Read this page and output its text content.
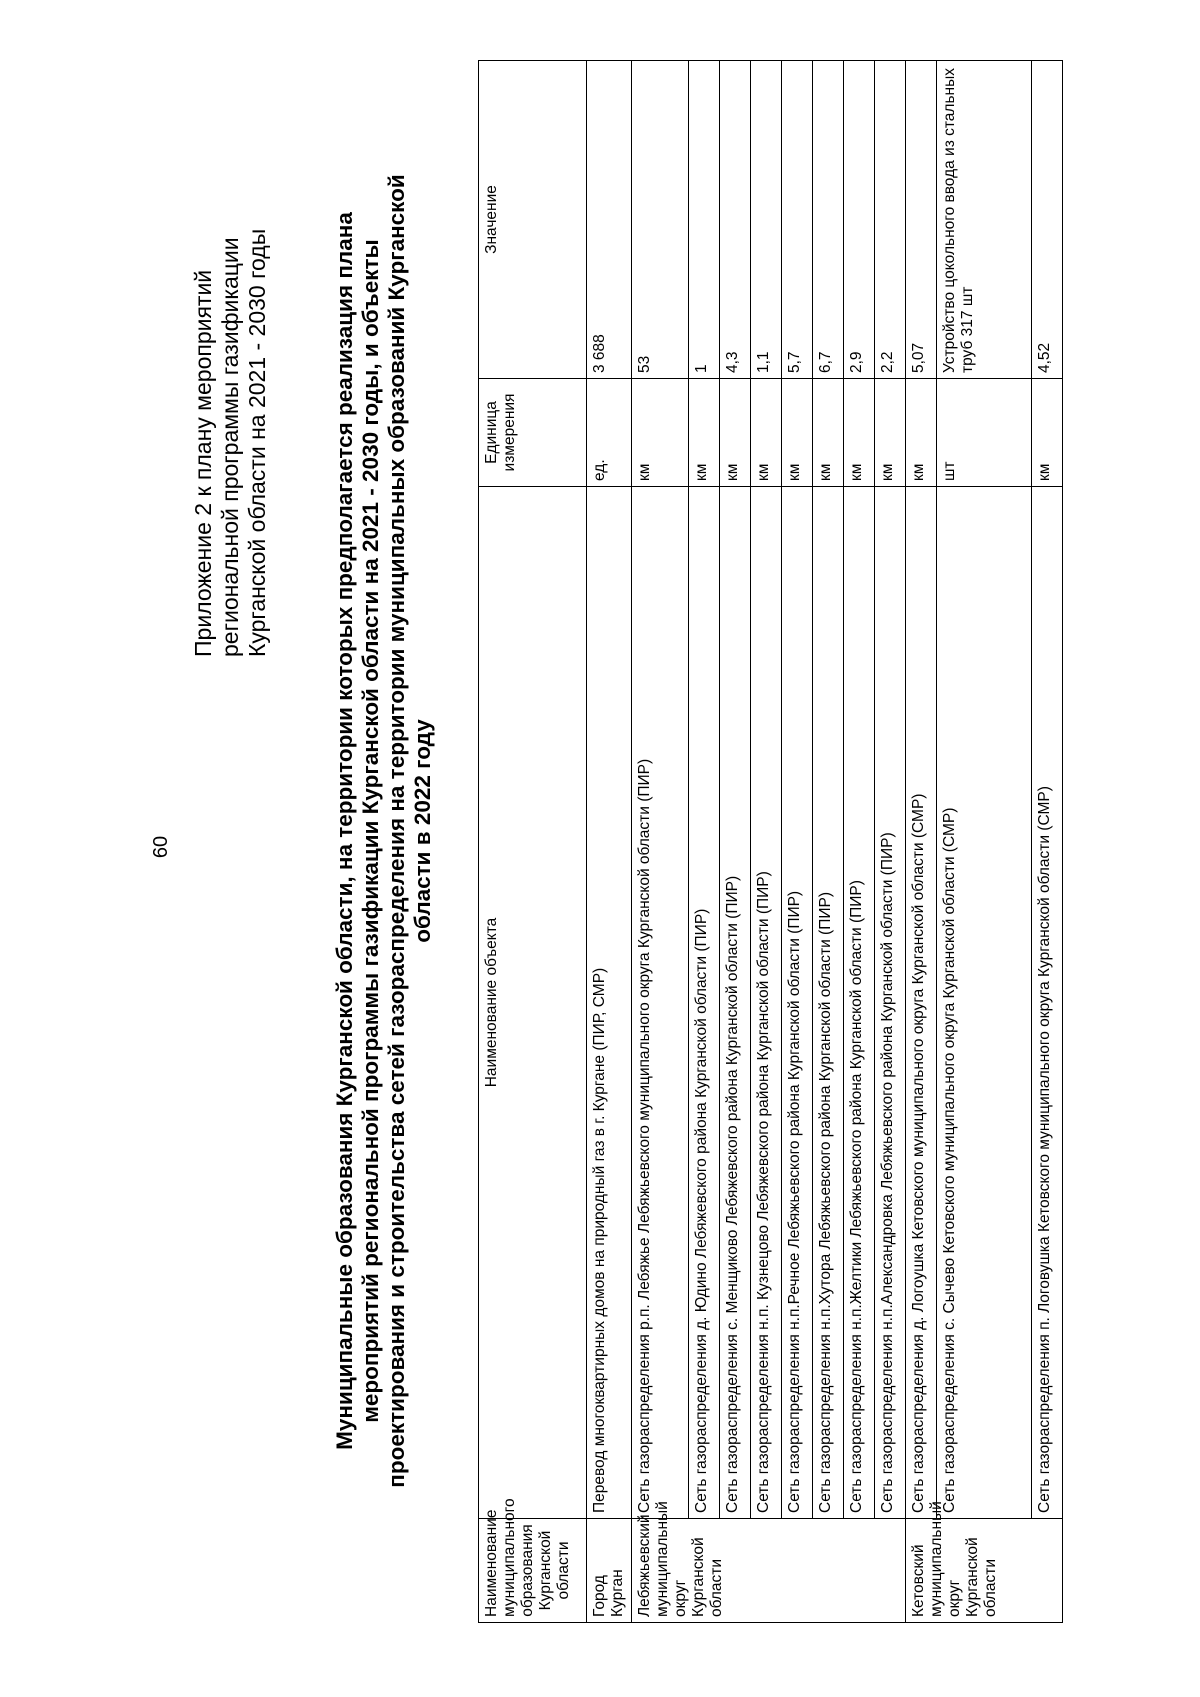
60
Приложение 2 к плану мероприятий региональной программы газификации Курганской области на 2021 - 2030 годы	Муниципальные образования Курганской области, на территории которых предполагается реализация плана мероприятий региональной программы газификации Курганской области на 2021 - 2030 годы, и объекты проектирования и строительства сетей газораспределения на территории муниципальных образований Курганской области в 2022 году
Наименование муниципального образования Курганской области	Наименование объекта	Единица измерения	Значение
Город Курган	Перевод многоквартирных домов на природный газ в г. Кургане (ПИР, СМР)	ед.	3 688
Лебяжьевский муниципальный округ Курганской области	Сеть газораспределения р.п. Лебяжье Лебяжьевского муниципального округа Курганской области (ПИР)	км	53
	Сеть газораспределения д. Юдино Лебяжевского района Курганской области (ПИР)	км	1
	Сеть газораспределения с. Менщиково Лебяжевского района Курганской области (ПИР)	км	4,3
	Сеть газораспределения н.п. Кузнецово Лебяжевского района Курганской области (ПИР)	км	1,1
	Сеть газораспределения н.п.Речное Лебяжьевского района Курганской области (ПИР)	км	5,7
	Сеть газораспределения н.п.Хутора Лебяжьевского района Курганской области (ПИР)	км	6,7
	Сеть газораспределения н.п.Желтики Лебяжьевского района Курганской области (ПИР)	км	2,9
	Сеть газораспределения н.п.Александровка Лебяжьевского района Курганской области (ПИР)	км	2,2
Кетовский муниципальный округ Курганской области	Сеть газораспределения д. Логоушка Кетовского муниципального округа Курганской области (СМР)	км	5,07
	Сеть газораспределения с. Сычево Кетовского муниципального округа Курганской области (СМР)	шт	Устройство цокольного ввода из стальных труб 317 шт
	Сеть газораспределения п. Логовушка Кетовского муниципального округа Курганской области (СМР)	км	4,52
